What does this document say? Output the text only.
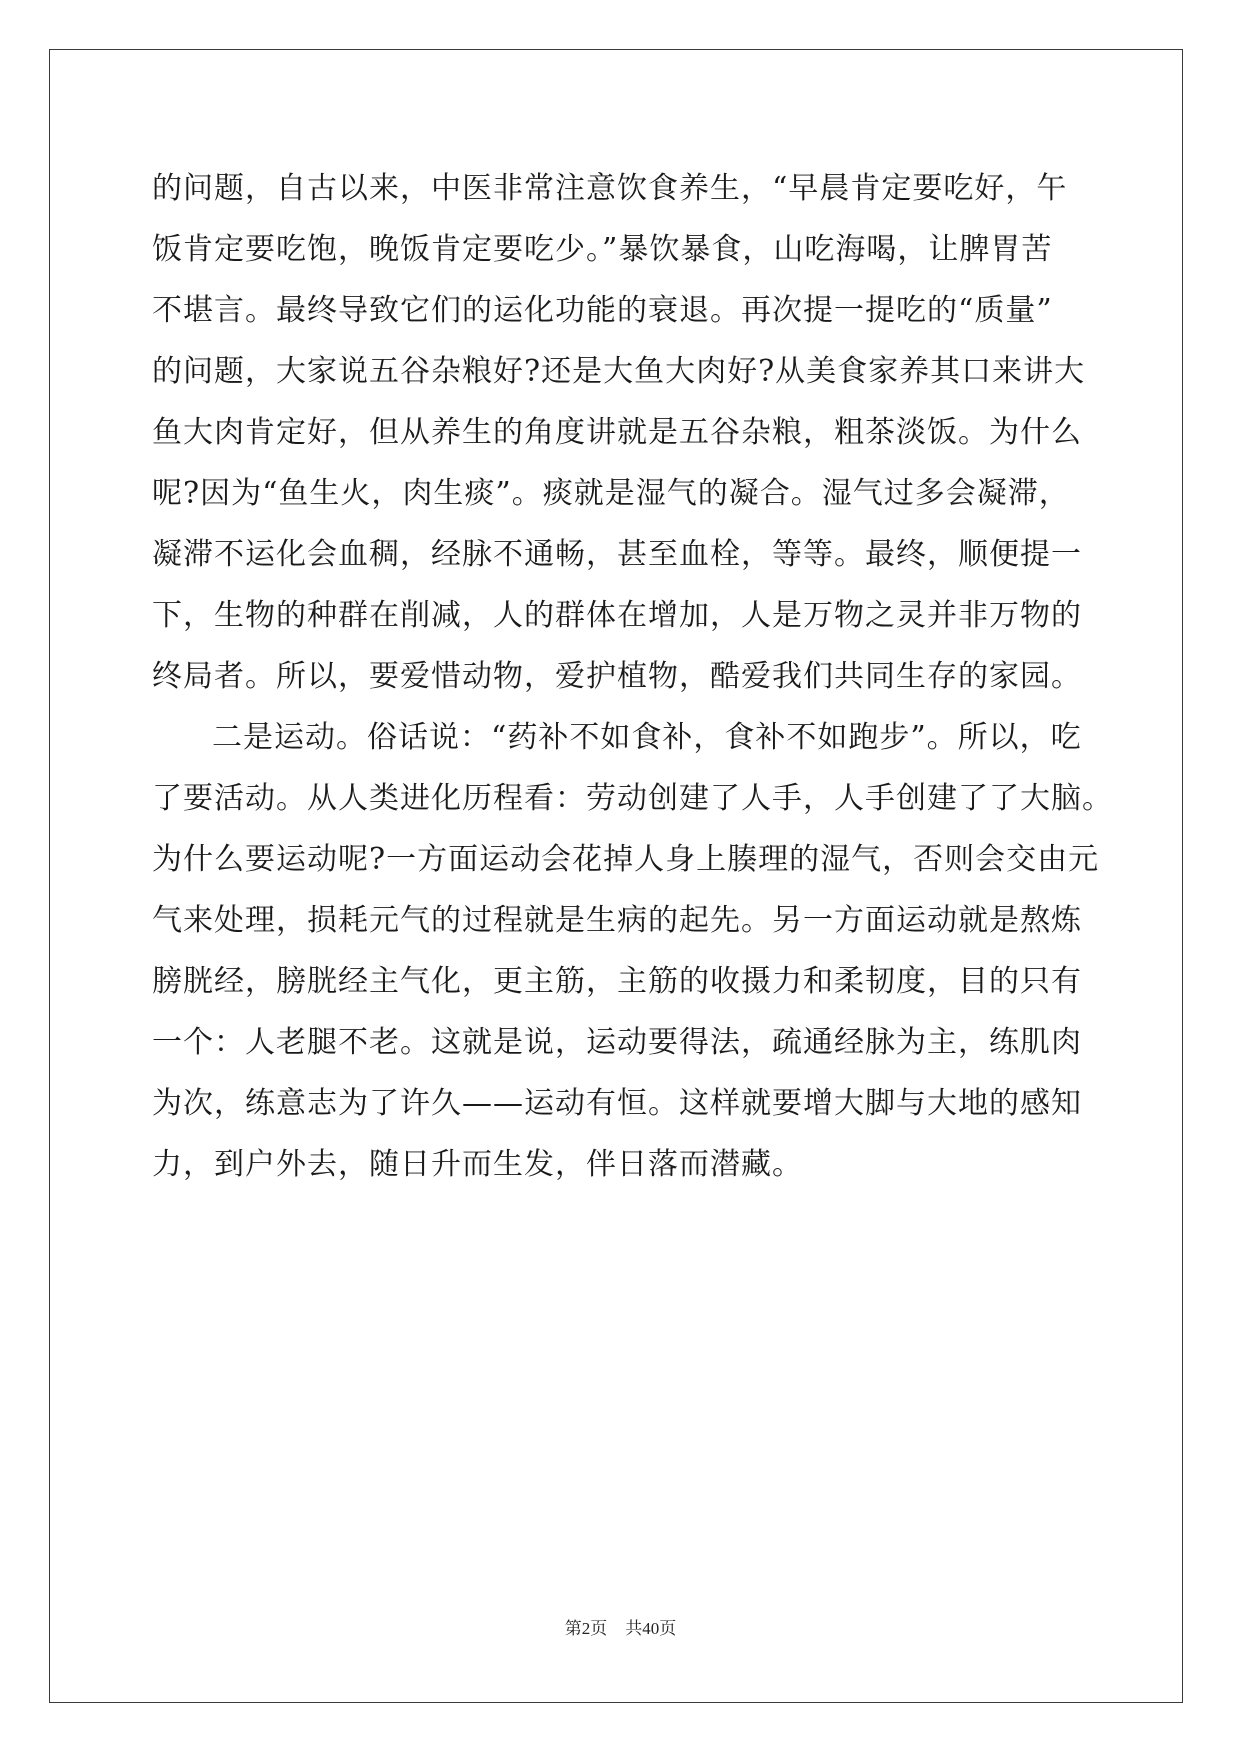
的问题，自古以来，中医非常注意饮食养生，“早晨肯定要吃好，午
饭肯定要吃饱，晚饭肯定要吃少。”暴饮暴食，山吃海喝，让脾胃苦
不堪言。最终导致它们的运化功能的衰退。再次提一提吃的“质量”
的问题，大家说五谷杂粮好?还是大鱼大肉好?从美食家养其口来讲大
鱼大肉肯定好，但从养生的角度讲就是五谷杂粮，粗茶淡饭。为什么
呢?因为“鱼生火，肉生痰”。痰就是湿气的凝合。湿气过多会凝滞，
凝滞不运化会血稠，经脉不通畅，甚至血栓，等等。最终，顺便提一
下，生物的种群在削减，人的群体在增加，人是万物之灵并非万物的
终局者。所以，要爱惜动物，爱护植物，酷爱我们共同生存的家园。
二是运动。俗话说：“药补不如食补，食补不如跑步”。所以，吃
了要活动。从人类进化历程看：劳动创建了人手，人手创建了了大脑。
为什么要运动呢?一方面运动会花掉人身上腠理的湿气，否则会交由元
气来处理，损耗元气的过程就是生病的起先。另一方面运动就是熬炼
膀胱经，膀胱经主气化，更主筋，主筋的收摄力和柔韧度，目的只有
一个：人老腿不老。这就是说，运动要得法，疏通经脉为主，练肌肉
为次，练意志为了许久——运动有恒。这样就要增大脚与大地的感知
力，到户外去，随日升而生发，伴日落而潜藏。
第2页 共40页
